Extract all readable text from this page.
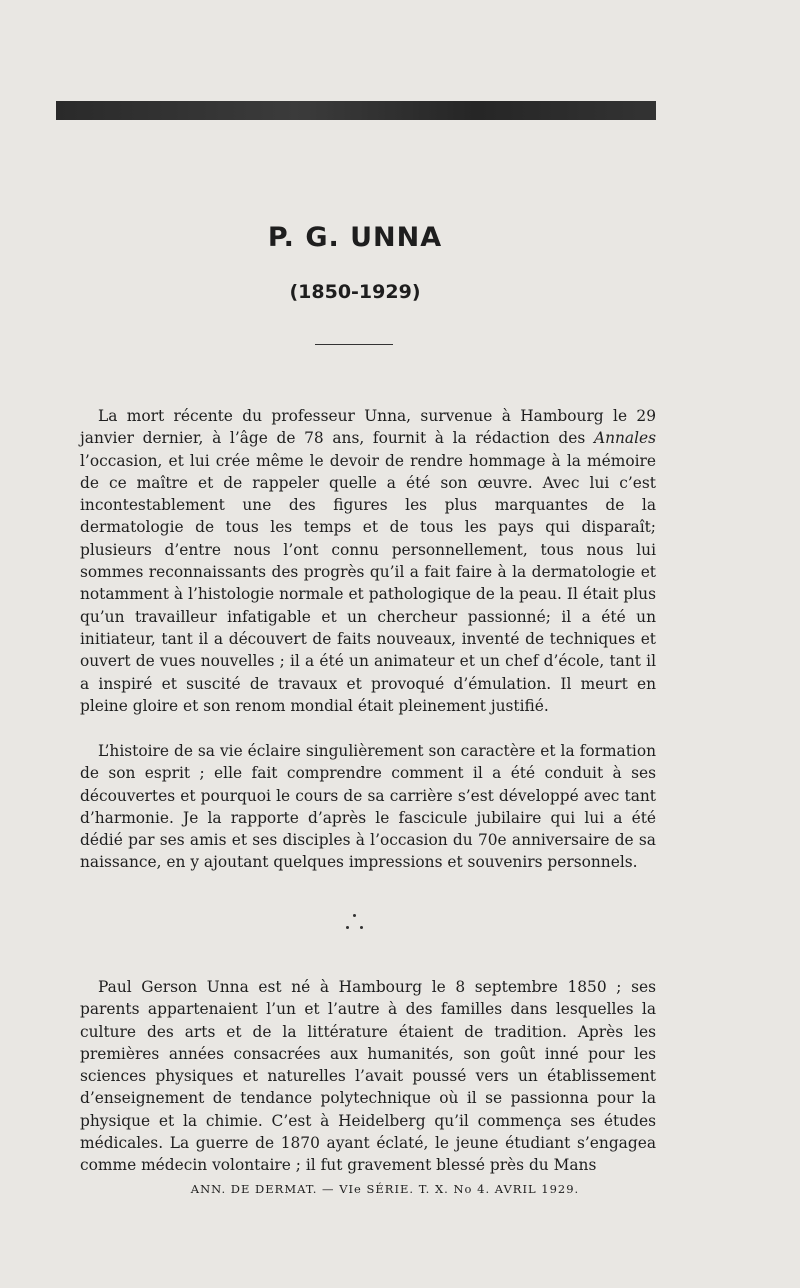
P. G. UNNA
(1850-1929)

La mort récente du professeur Unna, survenue à Hambourg le 29 janvier dernier, à l’âge de 78 ans, fournit à la rédaction des Annales l’occasion, et lui crée même le devoir de rendre hommage à la mémoire de ce maître et de rappeler quelle a été son œuvre. Avec lui c’est incontestablement une des figures les plus marquantes de la dermatologie de tous les temps et de tous les pays qui disparaît; plusieurs d’entre nous l’ont connu personnellement, tous nous lui sommes reconnaissants des progrès qu’il a fait faire à la dermatologie et notamment à l’histologie normale et pathologique de la peau. Il était plus qu’un travailleur infatigable et un chercheur passionné; il a été un initiateur, tant il a découvert de faits nouveaux, inventé de techniques et ouvert de vues nouvelles ; il a été un animateur et un chef d’école, tant il a inspiré et suscité de travaux et provoqué d’émulation. Il meurt en pleine gloire et son renom mondial était pleinement justifié.

L’histoire de sa vie éclaire singulièrement son caractère et la formation de son esprit ; elle fait comprendre comment il a été conduit à ses découvertes et pourquoi le cours de sa carrière s’est développé avec tant d’harmonie. Je la rapporte d’après le fascicule jubilaire qui lui a été dédié par ses amis et ses disciples à l’occasion du 70e anniversaire de sa naissance, en y ajoutant quelques impressions et souvenirs personnels.

Paul Gerson Unna est né à Hambourg le 8 septembre 1850 ; ses parents appartenaient l’un et l’autre à des familles dans lesquelles la culture des arts et de la littérature étaient de tradition. Après les premières années consacrées aux humanités, son goût inné pour les sciences physiques et naturelles l’avait poussé vers un établissement d’enseignement de tendance polytechnique où il se passionna pour la physique et la chimie. C’est à Heidelberg qu’il commença ses études médicales. La guerre de 1870 ayant éclaté, le jeune étudiant s’engagea comme médecin volontaire ; il fut gravement blessé près du Mans

ANN. DE DERMAT. — VIe SÉRIE. T. X. No 4. AVRIL 1929.
